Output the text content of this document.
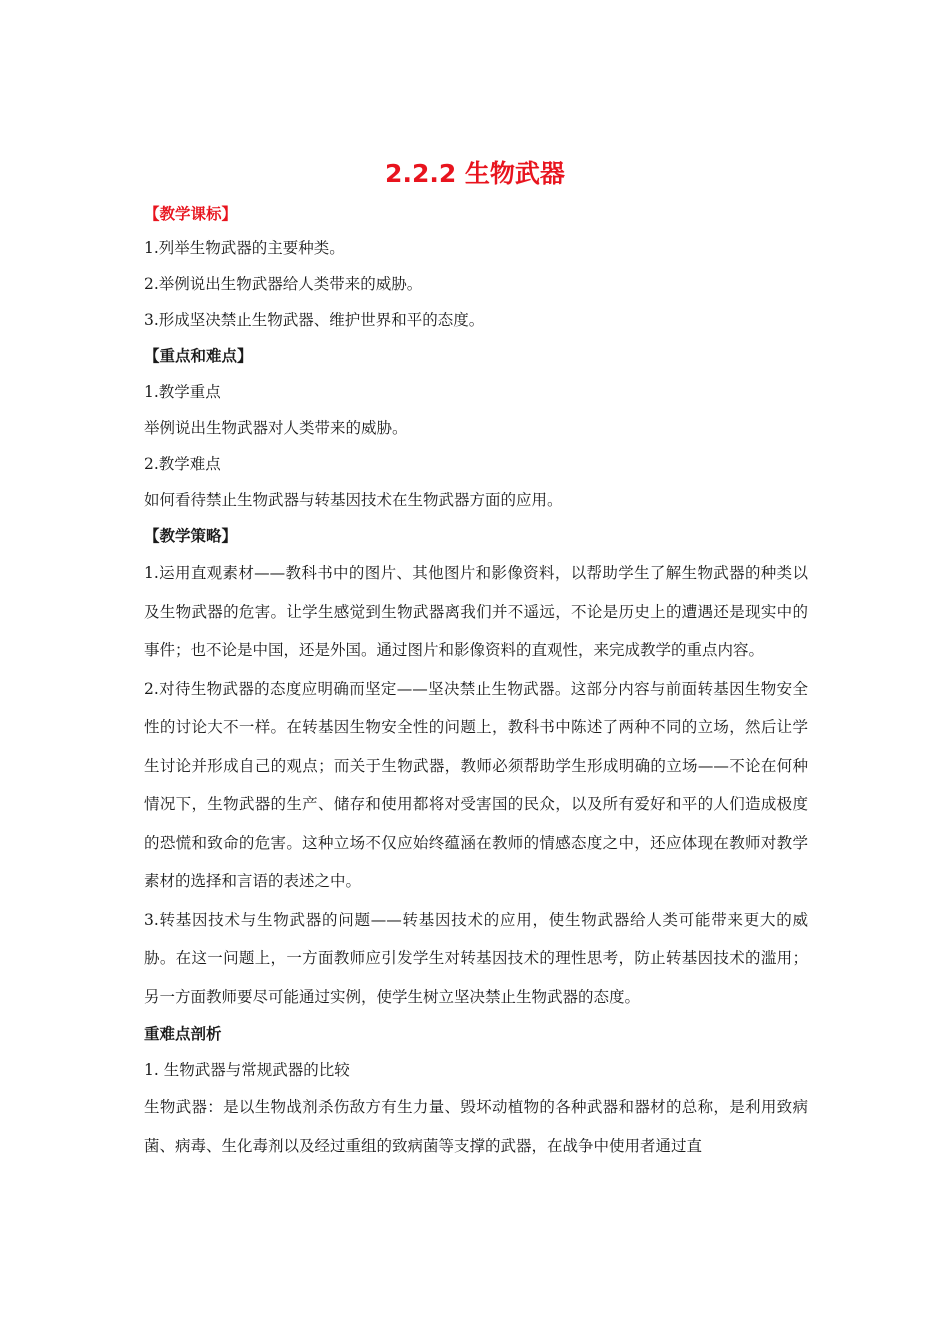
2.2.2 生物武器
【教学课标】
1.列举生物武器的主要种类。
2.举例说出生物武器给人类带来的威胁。
3.形成坚决禁止生物武器、维护世界和平的态度。
【重点和难点】
1.教学重点
举例说出生物武器对人类带来的威胁。
2.教学难点
如何看待禁止生物武器与转基因技术在生物武器方面的应用。
【教学策略】

1.运用直观素材——教科书中的图片、其他图片和影像资料，以帮助学生了解生物武器的种类以及生物武器的危害。让学生感觉到生物武器离我们并不遥远，不论是历史上的遭遇还是现实中的事件；也不论是中国，还是外国。通过图片和影像资料的直观性，来完成教学的重点内容。

2.对待生物武器的态度应明确而坚定——坚决禁止生物武器。这部分内容与前面转基因生物安全性的讨论大不一样。在转基因生物安全性的问题上，教科书中陈述了两种不同的立场，然后让学生讨论并形成自己的观点；而关于生物武器，教师必须帮助学生形成明确的立场——不论在何种情况下，生物武器的生产、储存和使用都将对受害国的民众，以及所有爱好和平的人们造成极度的恐慌和致命的危害。这种立场不仅应始终蕴涵在教师的情感态度之中，还应体现在教师对教学素材的选择和言语的表述之中。

3.转基因技术与生物武器的问题——转基因技术的应用，使生物武器给人类可能带来更大的威胁。在这一问题上，一方面教师应引发学生对转基因技术的理性思考，防止转基因技术的滥用；另一方面教师要尽可能通过实例，使学生树立坚决禁止生物武器的态度。

重难点剖析
1. 生物武器与常规武器的比较

生物武器：是以生物战剂杀伤敌方有生力量、毁坏动植物的各种武器和器材的总称，是利用致病菌、病毒、生化毒剂以及经过重组的致病菌等支撑的武器，在战争中使用者通过直
